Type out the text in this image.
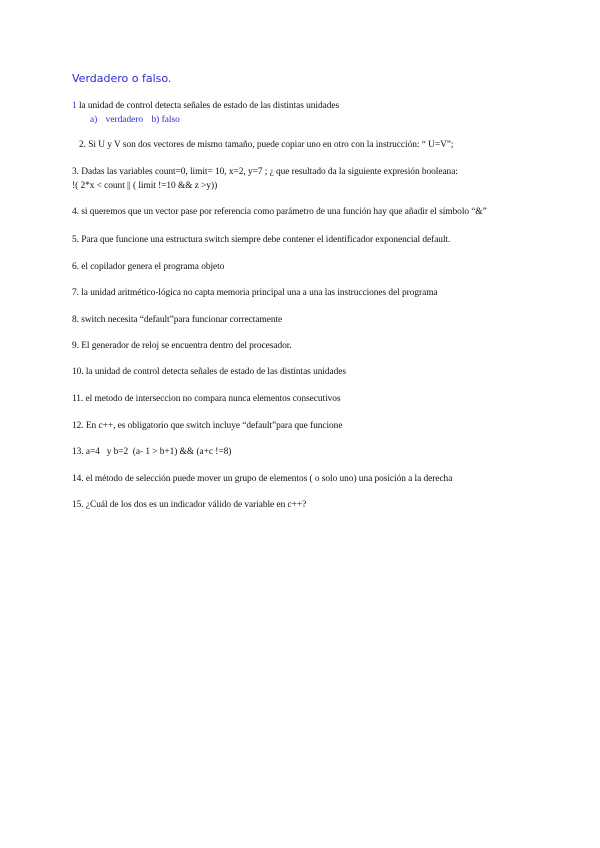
Verdadero o falso.
1 la unidad de control detecta señales de estado de las distintas unidades
a) verdadero b) falso
2. Si U y V son dos vectores de mismo tamaño, puede copiar uno en otro con la instrucción: “ U=V”;
3. Dadas las variables count=0, limit= 10, x=2, y=7 ; ¿ que resultado da la siguiente expresión booleana:
!( 2*x < count || ( limit !=10 && z >y))
4. si queremos que un vector pase por referencia como parámetro de una función hay que añadir el símbolo “&”
5. Para que funcione una estructura switch siempre debe contener el identificador exponencial default.
6. el copilador genera el programa objeto
7. la unidad aritmético-lógica no capta memoria principal una a una las instrucciones del programa
8. switch necesita “default”para funcionar correctamente
9. El generador de reloj se encuentra dentro del procesador.
10. la unidad de control detecta señales de estado de las distintas unidades
11. el metodo de interseccion no compara nunca elementos consecutivos
12. En c++, es obligatorio que switch incluye “default”para que funcione
13. a=4   y b=2  (a- 1 > b+1) && (a+c !=8)
14. el método de selección puede mover un grupo de elementos ( o solo uno) una posición a la derecha
15. ¿Cuál de los dos es un indicador válido de variable en c++?
